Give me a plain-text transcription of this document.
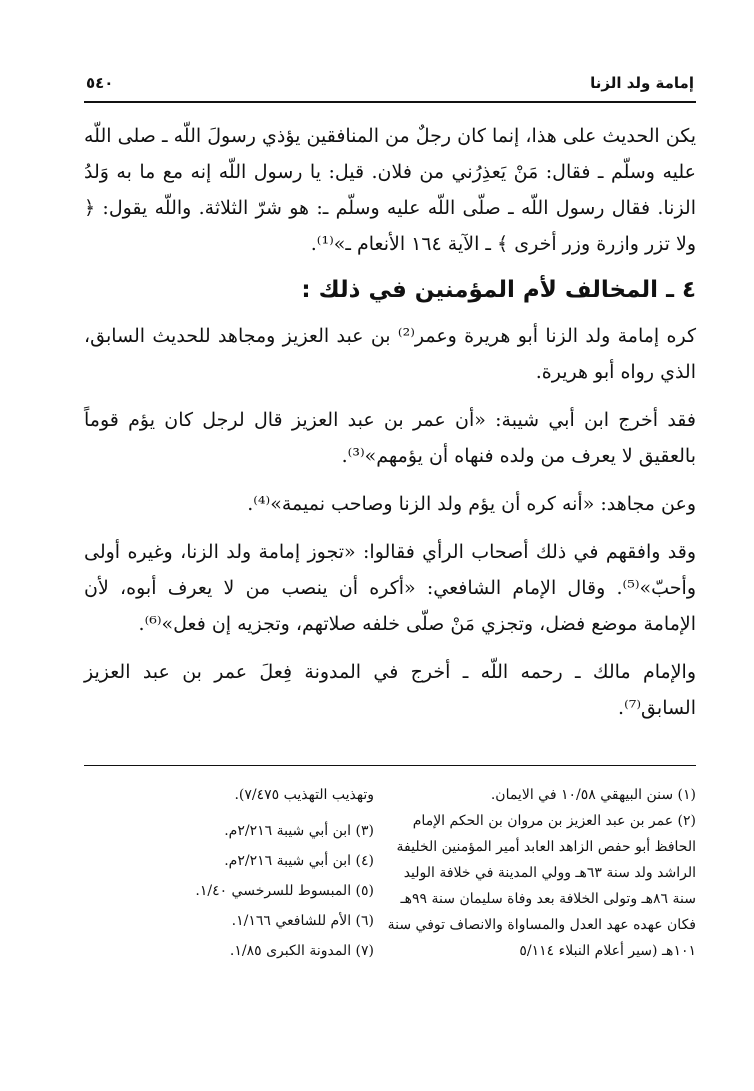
إمامة ولد الزنا
٥٤٠

يكن الحديث على هذا، إنما كان رجلٌ من المنافقين يؤذي رسولَ اللّه ـ صلى اللّه عليه وسلّم ـ فقال: مَنْ يَعذِرُني من فلان. قيل: يا رسول اللّه إنه مع ما به وَلدُ الزنا. فقال رسول اللّه ـ صلّى اللّه عليه وسلّم ـ: هو شرّ الثلاثة. واللّه يقول: ﴿ ولا تزر وازرة وزر أخرى ﴾ ـ الآية ١٦٤ الأنعام ـ»⁽¹⁾.

٤ ـ المخالف لأم المؤمنين في ذلك :

كره إمامة ولد الزنا أبو هريرة وعمر⁽²⁾ بن عبد العزيز ومجاهد للحديث السابق، الذي رواه أبو هريرة.

فقد أخرج ابن أبي شيبة: «أن عمر بن عبد العزيز قال لرجل كان يؤم قوماً بالعقيق لا يعرف من ولده فنهاه أن يؤمهم»⁽³⁾.

وعن مجاهد: «أنه كره أن يؤم ولد الزنا وصاحب نميمة»⁽⁴⁾.

وقد وافقهم في ذلك أصحاب الرأي فقالوا: «تجوز إمامة ولد الزنا، وغيره أولى وأحبّ»⁽⁵⁾. وقال الإمام الشافعي: «أكره أن ينصب من لا يعرف أبوه، لأن الإمامة موضع فضل، وتجزي مَنْ صلّى خلفه صلاتهم، وتجزيه إن فعل»⁽⁶⁾.

والإمام مالك ـ رحمه اللّه ـ أخرج في المدونة فِعلَ عمر بن عبد العزيز السابق⁽⁷⁾.

(١) سنن البيهقي ١٠/٥٨ في الايمان.

(٢) عمر بن عبد العزيز بن مروان بن الحكم الإمام الحافظ أبو حفص الزاهد العابد أمير المؤمنين الخليفة الراشد ولد سنة ٦٣هـ وولي المدينة في خلافة الوليد سنة ٨٦هـ وتولى الخلافة بعد وفاة سليمان سنة ٩٩هـ فكان عهده عهد العدل والمساواة والانصاف توفي سنة ١٠١هـ (سير أعلام النبلاء ٥/١١٤

وتهذيب التهذيب ٧/٤٧٥).

(٣) ابن أبي شيبة ٢/٢١٦م.

(٤) ابن أبي شيبة ٢/٢١٦م.

(٥) المبسوط للسرخسي ١/٤٠.

(٦) الأم للشافعي ١/١٦٦.

(٧) المدونة الكبرى ١/٨٥.
